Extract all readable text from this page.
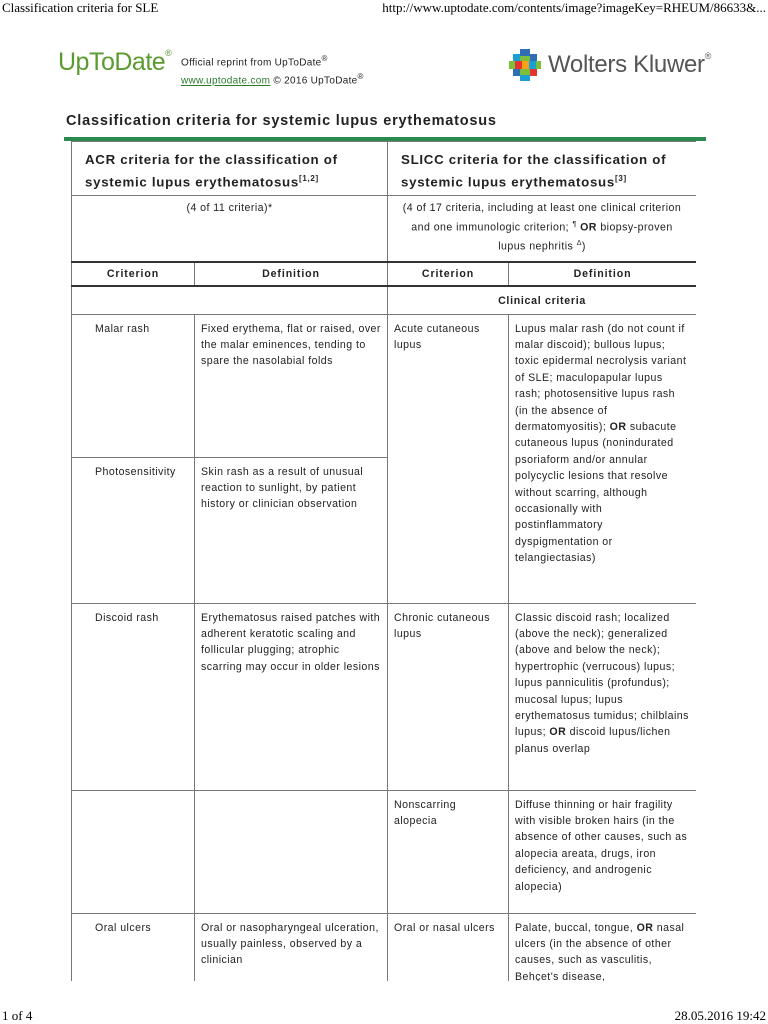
Classification criteria for SLE	http://www.uptodate.com/contents/image?imageKey=RHEUM/86633&...
UpToDate®
Official reprint from UpToDate®
www.uptodate.com © 2016 UpToDate®	Wolters Kluwer®
Classification criteria for systemic lupus erythematosus
ACR criteria for the classification of systemic lupus erythematosus[1,2]		SLICC criteria for the classification of systemic lupus erythematosus[3]
(4 of 11 criteria)*		(4 of 17 criteria, including at least one clinical criterion and one immunologic criterion; ¶ OR biopsy-proven lupus nephritis $^\Delta$)	
Criterion	Definition	Criterion	Definition
		Clinical criteria	
Malar rash	Fixed erythema, flat or raised, over the malar eminences, tending to spare the nasolabial folds	Acute cutaneous lupus	Lupus malar rash (do not count if malar discoid); bullous lupus; toxic epidermal necrolysis variant of SLE; maculopapular lupus rash; photosensitive lupus rash (in the absence of dermatomyositis); OR subacute cutaneous lupus (nonindurated psoriaform and/or annular polycyclic lesions that resolve without scarring, although occasionally with postinflammatory dyspigmentation or telangiectasias)
Photosensitivity	Skin rash as a result of unusual reaction to sunlight, by patient history or clinician observation		
Discoid rash	Erythematosus raised patches with adherent keratotic scaling and follicular plugging; atrophic scarring may occur in older lesions	Chronic cutaneous lupus	Classic discoid rash; localized (above the neck); generalized (above and below the neck); hypertrophic (verrucous) lupus; lupus panniculitis (profundus); mucosal lupus; lupus erythematosus tumidus; chilblains lupus; OR discoid lupus/lichen planus overlap
		Nonscarring alopecia	Diffuse thinning or hair fragility with visible broken hairs (in the absence of other causes, such as alopecia areata, drugs, iron deficiency, and androgenic alopecia)
Oral ulcers	Oral or nasopharyngeal ulceration, usually painless, observed by a clinician	Oral or nasal ulcers	Palate, buccal, tongue, OR nasal ulcers (in the absence of other causes, such as vasculitis, Behçet's disease,
1 of 4	28.05.2016 19:42
